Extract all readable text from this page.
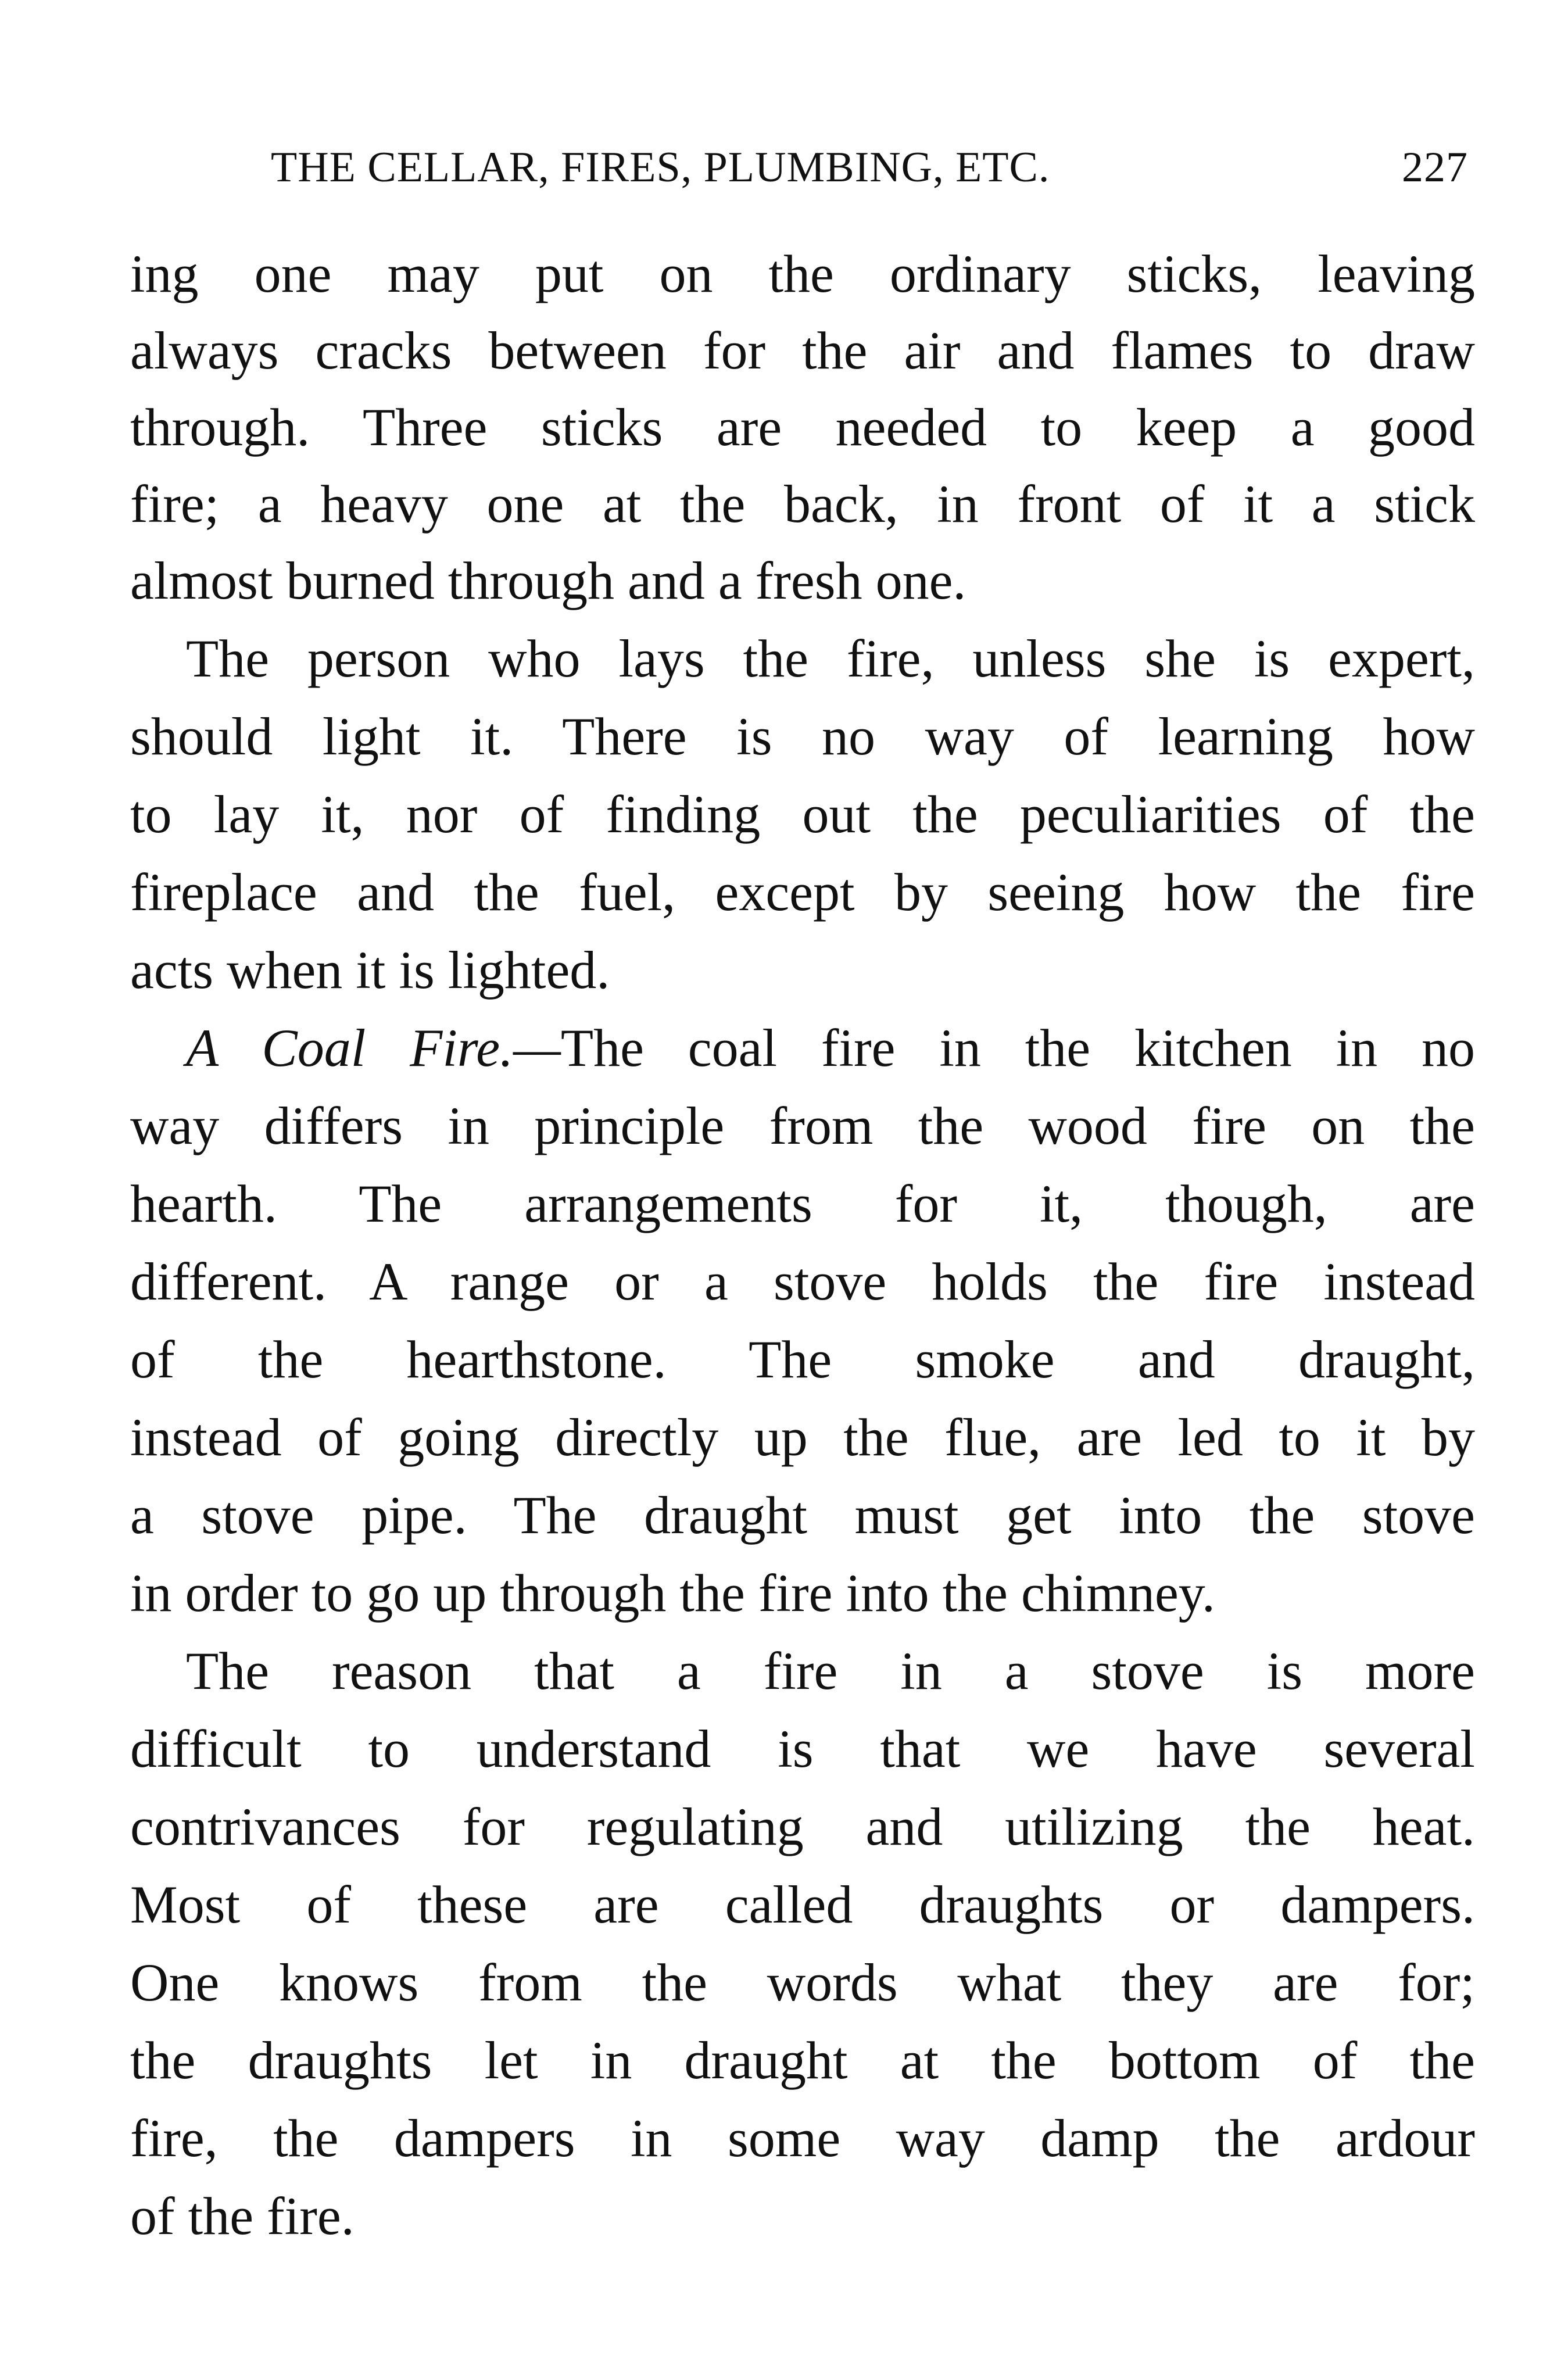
THE CELLAR, FIRES, PLUMBING, ETC.	227
ing one may put on the ordinary sticks, leaving
always cracks between for the air and flames to draw
through. Three sticks are needed to keep a good
fire; a heavy one at the back, in front of it a stick
almost burned through and a fresh one.
The person who lays the fire, unless she is expert,
should light it. There is no way of learning how
to lay it, nor of finding out the peculiarities of the
fireplace and the fuel, except by seeing how the fire
acts when it is lighted.
A Coal Fire.—The coal fire in the kitchen in no
way differs in principle from the wood fire on the
hearth. The arrangements for it, though, are
different. A range or a stove holds the fire instead
of the hearthstone. The smoke and draught,
instead of going directly up the flue, are led to it by
a stove pipe. The draught must get into the stove
in order to go up through the fire into the chimney.
The reason that a fire in a stove is more
difficult to understand is that we have several
contrivances for regulating and utilizing the heat.
Most of these are called draughts or dampers.
One knows from the words what they are for;
the draughts let in draught at the bottom of the
fire, the dampers in some way damp the ardour
of the fire.
